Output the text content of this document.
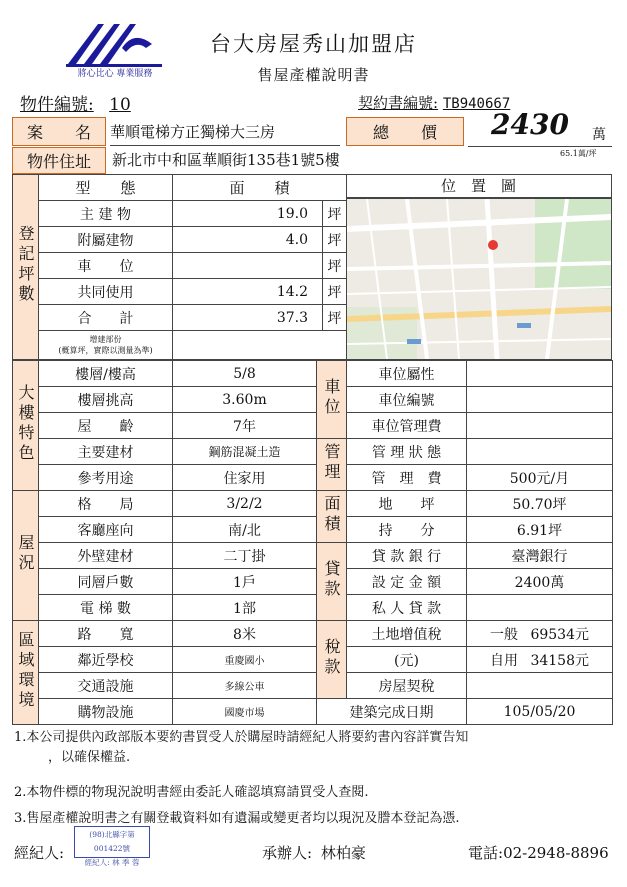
將心比心 專業服務
台大房屋秀山加盟店
售屋產權說明書
物件編號: 10	契約書編號: TB940667
案　　名	華順電梯方正獨梯大三房	總　　價	2430	萬
65.1萬/坪
物件住址	新北市中和區華順街135巷1號5樓
登記坪數	型　　態	面　　積	
	主 建 物	19.0	坪
	附屬建物	4.0	坪
	車　　位		坪
	共同使用	14.2	坪
	合　　計	37.3	坪

	增建部份
(概算坪，實際以測量為準)		

位　置　圖
大樓特色	樓層/樓高	5/8	車位	車位屬性	
	樓層挑高	3.60m		車位編號	
	屋　　齡	7年		車位管理費	
	主要建材	鋼筋混凝土造	管理	管 理 狀 態	
	參考用途	住家用		管　理　費	500元/月
屋況	格　　局	3/2/2	面積	地　　坪	50.70坪
	客廳座向	南/北		持　　分	6.91坪
	外壁建材	二丁掛	貸款	貸 款 銀 行	臺灣銀行
	同層戶數	1戶		設 定 金 額	2400萬
	電 梯 數	1部		私 人 貸 款	
區域環境	路　　寬	8米	稅款	土地增值稅	一般 69534元
	鄰近學校	重慶國小		(元)	自用 34158元
	交通設施	多線公車		房屋契稅	
	購物設施	國慶市場	建築完成日期		105/05/20
1.本公司提供內政部版本要約書買受人於購屋時請經紀人將要約書內容詳實告知
，以確保權益.
2.本物件標的物現況說明書經由委託人確認填寫請買受人查閱.
3.售屋產權說明書之有關登載資料如有遺漏或變更者均以現況及謄本登記為憑.
經紀人:
(98)北縣字第001422號
經紀人: 林 季 蓉
承辦人: 林柏豪	電話:02-2948-8896
